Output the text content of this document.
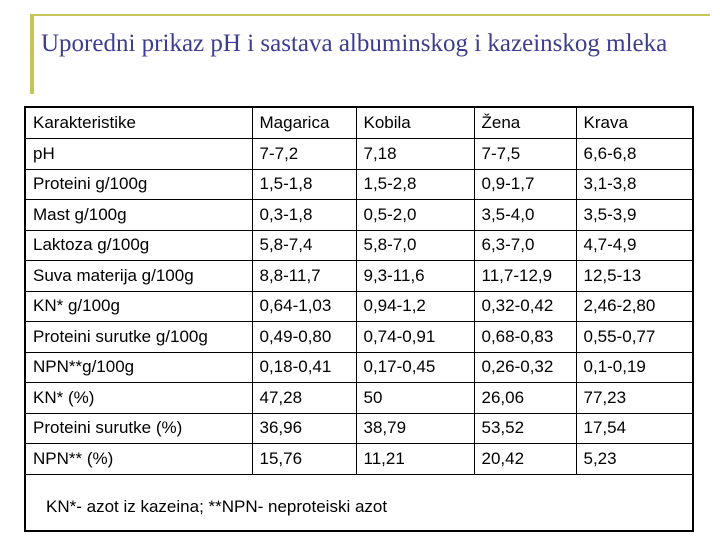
Uporedni prikaz pH i sastava albuminskog i kazeinskog mleka
Karakteristike	Magarica	Kobila	Žena	Krava
pH	7-7,2	7,18	7-7,5	6,6-6,8
Proteini g/100g	1,5-1,8	1,5-2,8	0,9-1,7	3,1-3,8
Mast g/100g	0,3-1,8	0,5-2,0	3,5-4,0	3,5-3,9
Laktoza g/100g	5,8-7,4	5,8-7,0	6,3-7,0	4,7-4,9
Suva materija g/100g	8,8-11,7	9,3-11,6	11,7-12,9	12,5-13
KN* g/100g	0,64-1,03	0,94-1,2	0,32-0,42	2,46-2,80
Proteini surutke g/100g	0,49-0,80	0,74-0,91	0,68-0,83	0,55-0,77
NPN**g/100g	0,18-0,41	0,17-0,45	0,26-0,32	0,1-0,19
KN* (%)	47,28	50	26,06	77,23
Proteini surutke (%)	36,96	38,79	53,52	17,54
NPN** (%)	15,76	11,21	20,42	5,23
KN*- azot iz kazeina; **NPN- neproteiski azot
